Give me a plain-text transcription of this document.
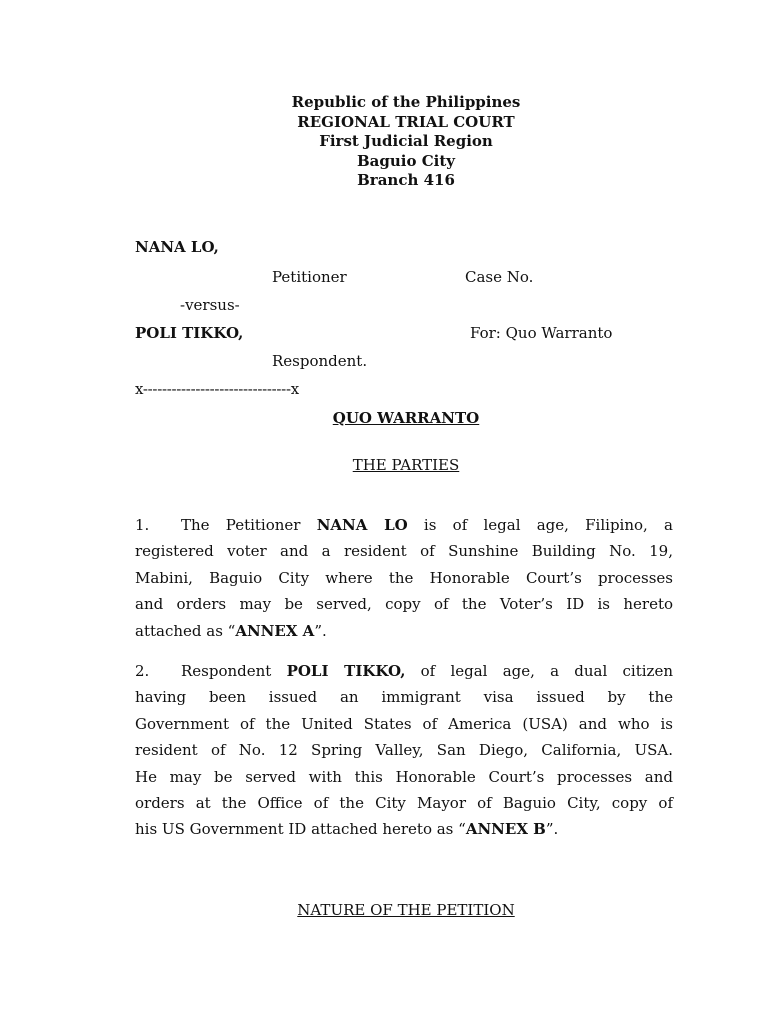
Republic of the Philippines
REGIONAL TRIAL COURT
First Judicial Region
Baguio City
Branch 416
NANA LO,
Petitioner	Case No.
-versus-
POLI TIKKO,	For: Quo Warranto
Respondent.
x-------------------------------x
QUO WARRANTO
THE PARTIES
1. The Petitioner NANA LO is of legal age, Filipino, a
registered voter and a resident of Sunshine Building No. 19,
Mabini, Baguio City where the Honorable Court’s processes
and orders may be served, copy of the Voter’s ID is hereto
attached as “ANNEX A”.
2. Respondent POLI TIKKO, of legal age, a dual citizen
having been issued an immigrant visa issued by the
Government of the United States of America (USA) and who is
resident of No. 12 Spring Valley, San Diego, California, USA.
He may be served with this Honorable Court’s processes and
orders at the Office of the City Mayor of Baguio City, copy of
his US Government ID attached hereto as “ANNEX B”.
NATURE OF THE PETITION
